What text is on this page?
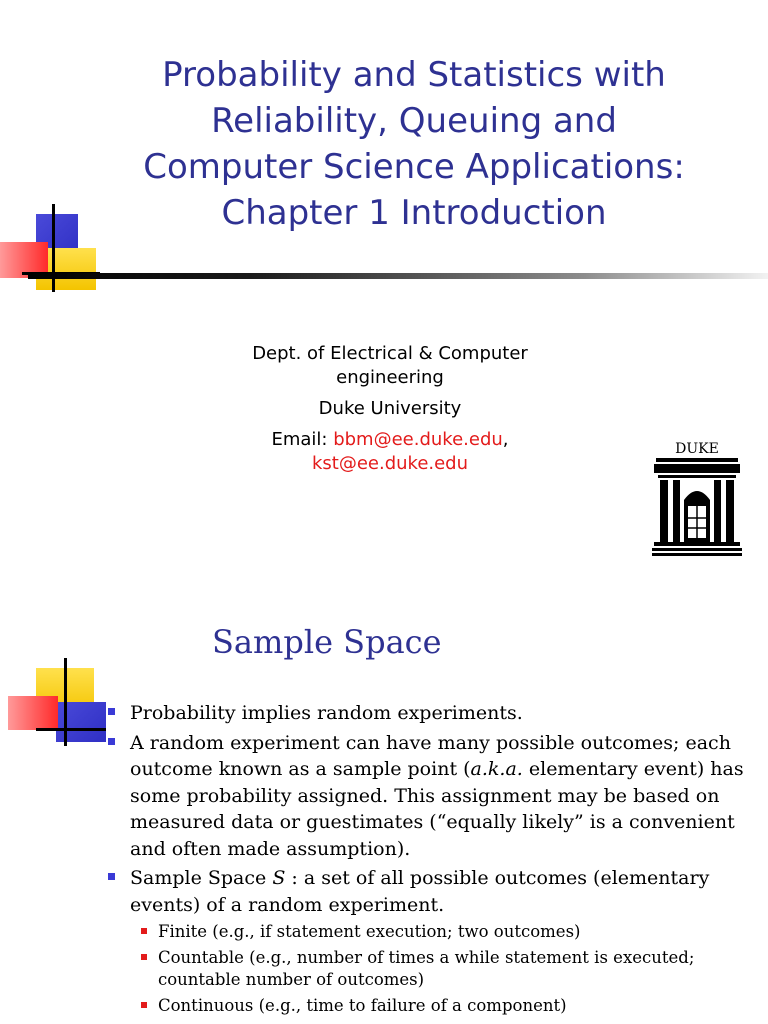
Probability and Statistics with
Reliability, Queuing and
Computer Science Applications:
Chapter 1 Introduction
Dept. of Electrical & Computer
engineering
Duke University
Email: bbm@ee.duke.edu,
kst@ee.duke.edu
DUKE
Sample Space
Probability implies random experiments.
A random experiment can have many possible outcomes; each outcome known as a sample point (a.k.a. elementary event) has some probability assigned. This assignment may be based on measured data or guestimates (“equally likely” is a convenient and often made assumption).
Sample Space S : a set of all possible outcomes (elementary events) of a random experiment.
Finite (e.g., if statement execution; two outcomes)
Countable (e.g., number of times a while statement is executed; countable number of outcomes)
Continuous (e.g., time to failure of a component)
